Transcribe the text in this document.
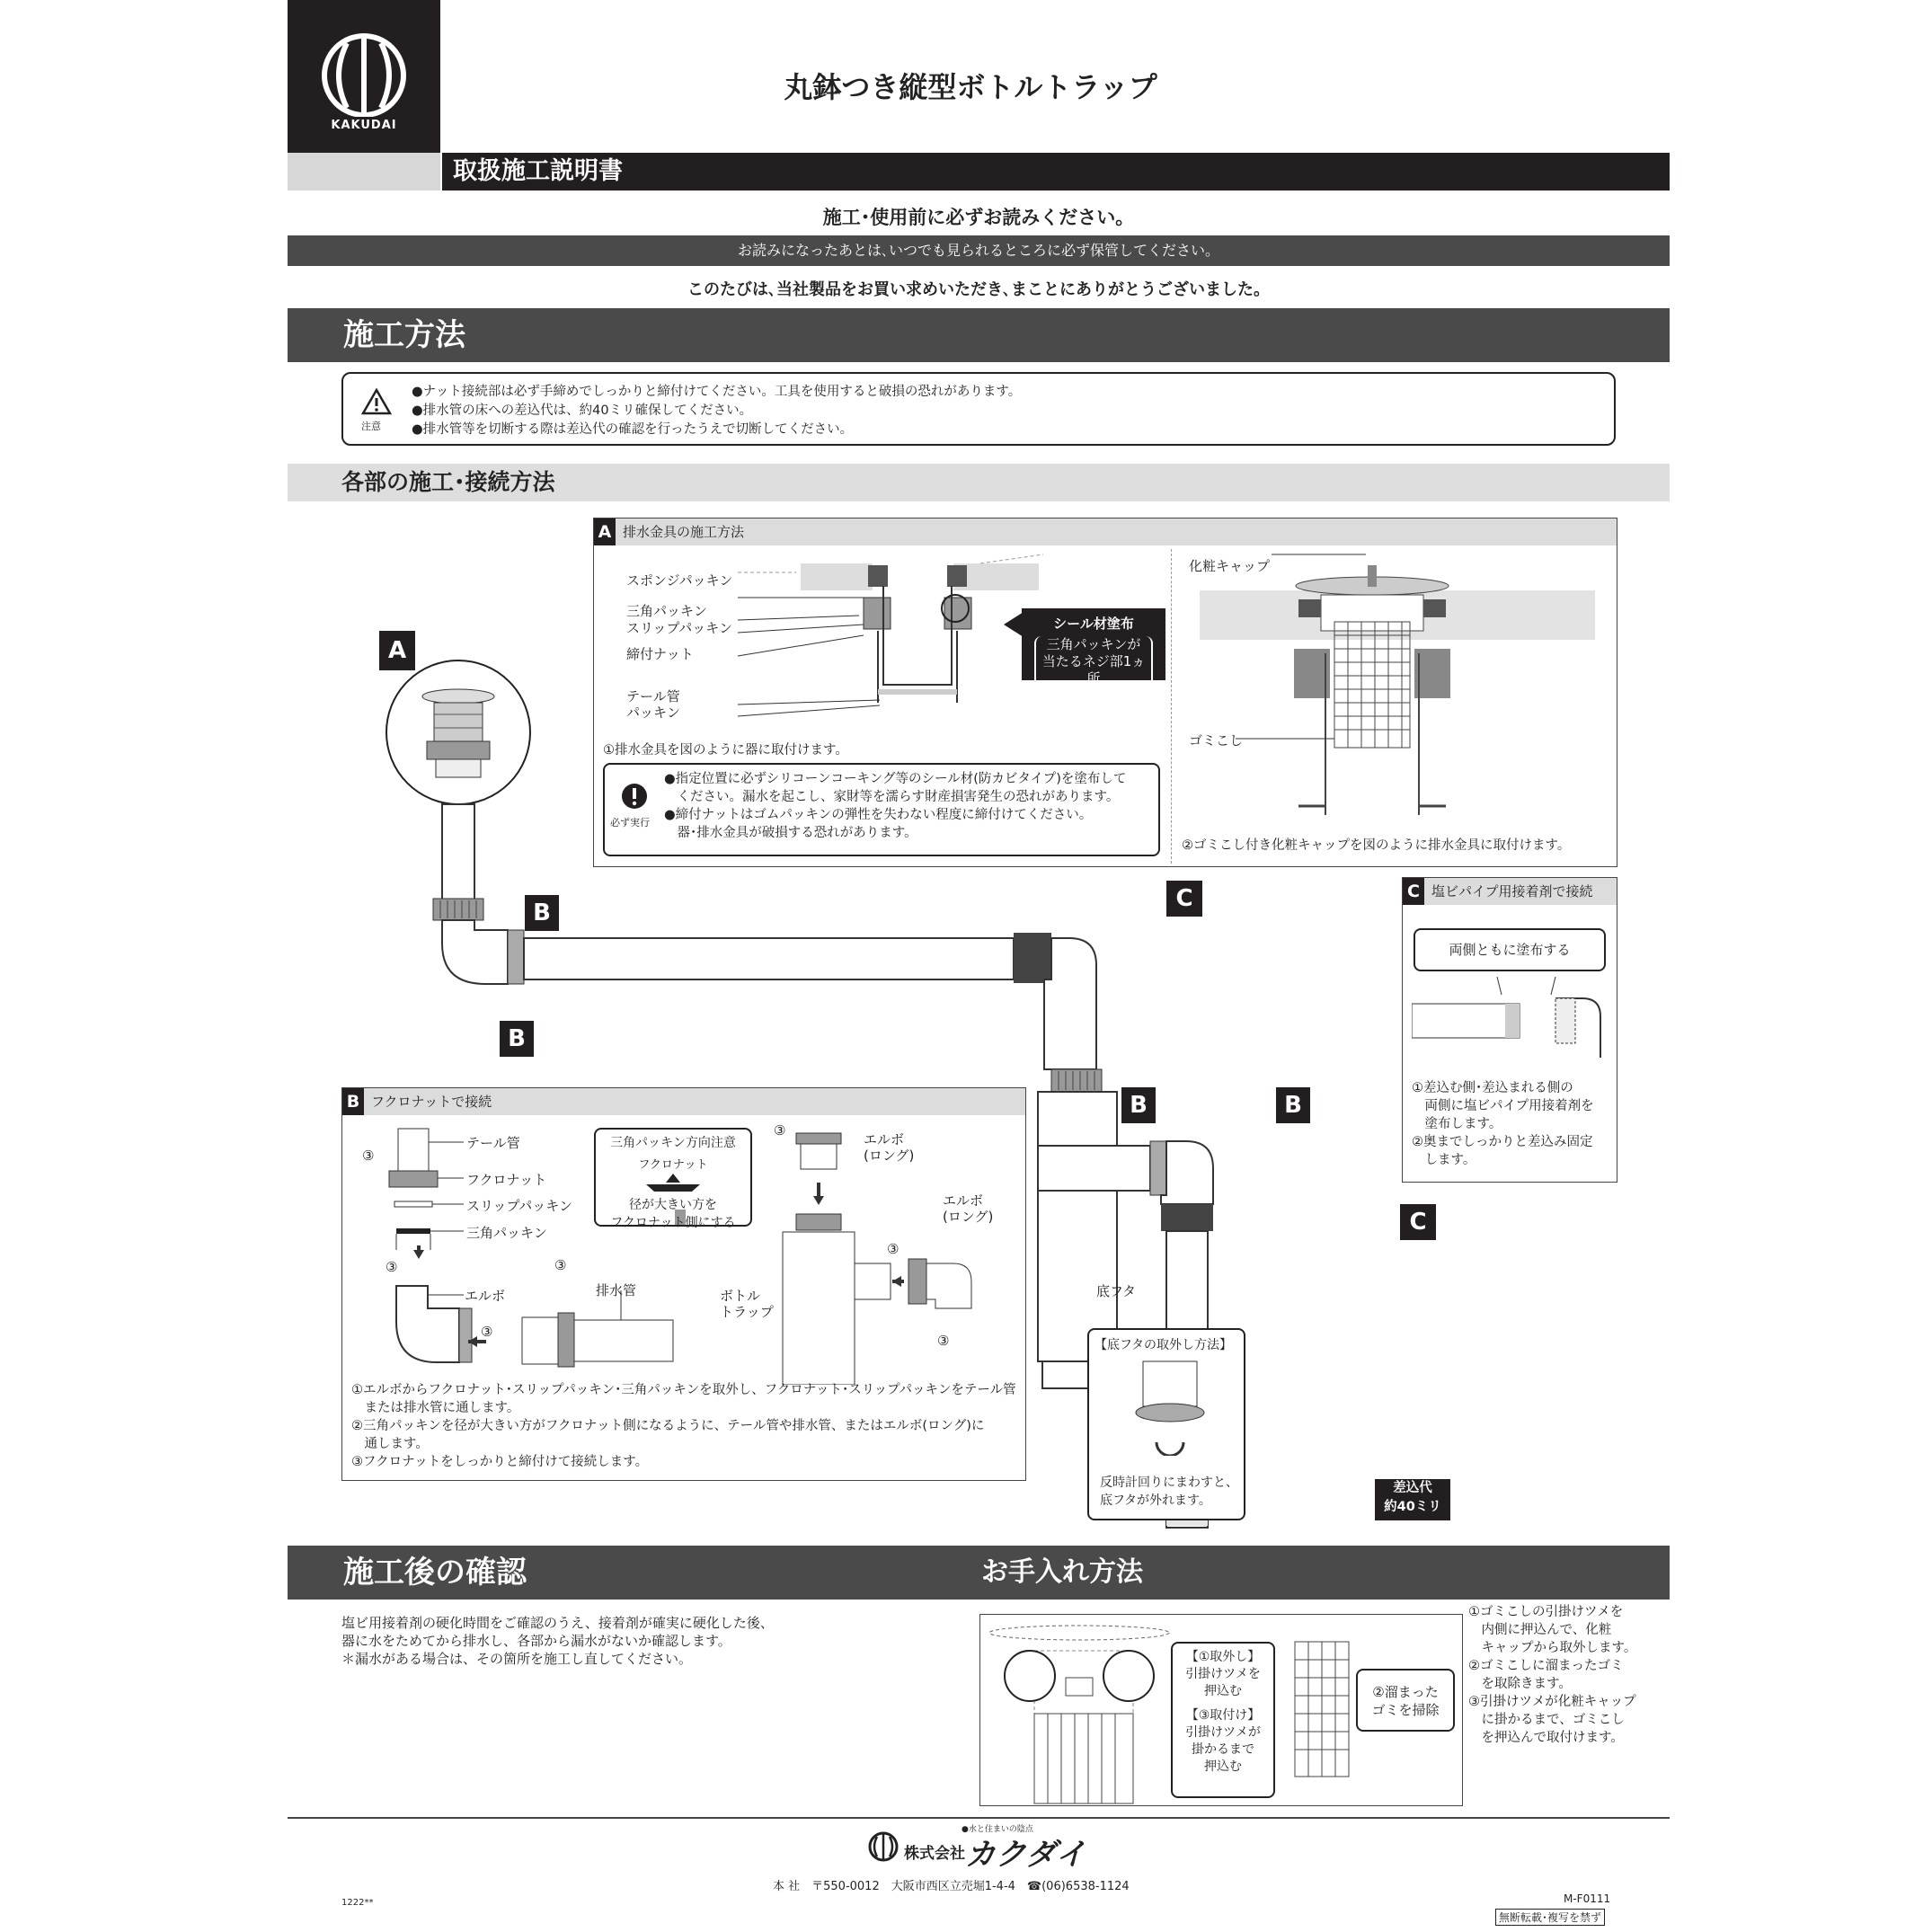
KAKUDAI
丸鉢つき縦型ボトルトラップ
取扱施工説明書
施工･使用前に必ずお読みください。
お読みになったあとは､いつでも見られるところに必ず保管してください。
このたびは､当社製品をお買い求めいただき､まことにありがとうございました。
施工方法
注意
●ナット接続部は必ず手締めでしっかりと締付けてください。工具を使用すると破損の恐れがあります。
●排水管の床への差込代は、約40ミリ確保してください。
●排水管等を切断する際は差込代の確認を行ったうえで切断してください。
各部の施工･接続方法
A 排水金具の施工方法
スポンジパッキン
三角パッキン
スリップパッキン
締付ナット
テール管
パッキン
シール材塗布
三角パッキンが
当たるネジ部1ヵ所
①排水金具を図のように器に取付けます。
必ず実行
●指定位置に必ずシリコーンコーキング等のシール材(防カビタイプ)を塗布して
　ください。漏水を起こし、家財等を濡らす財産損害発生の恐れがあります。
●締付ナットはゴムパッキンの弾性を失わない程度に締付けてください。
　器･排水金具が破損する恐れがあります。
化粧キャップ
ゴミこし
②ゴミこし付き化粧キャップを図のように排水金具に取付けます。
A
B
B
C
B	B
C
底フタ
【底フタの取外し方法】
反時計回りにまわすと、
底フタが外れます。
差込代
約40ミリ
C 塩ビパイプ用接着剤で接続
両側ともに塗布する
①差込む側･差込まれる側の
　両側に塩ビパイプ用接着剤を
　塗布します。
②奥までしっかりと差込み固定
　します。
B フクロナットで接続
テール管
フクロナット
スリップパッキン
三角パッキン
エルボ	排水管	ボトル
トラップ
エルボ
(ロング)
エルボ
(ロング)
③
③	③
③
③
③
③
三角パッキン方向注意
フクロナット
径が大きい方を
フクロナット側にする
①エルボからフクロナット･スリップパッキン･三角パッキンを取外し、フクロナット･スリップパッキンをテール管
　または排水管に通します。
②三角パッキンを径が大きい方がフクロナット側になるように、テール管や排水管、またはエルボ(ロング)に
　通します。
③フクロナットをしっかりと締付けて接続します。
施工後の確認	お手入れ方法
塩ビ用接着剤の硬化時間をご確認のうえ、接着剤が確実に硬化した後、
器に水をためてから排水し、各部から漏水がないか確認します。
＊漏水がある場合は、その箇所を施工し直してください。	【①取外し】
引掛けツメを
押込む
【③取付け】
引掛けツメが
掛かるまで
押込む
②溜まった
ゴミを掃除
①ゴミこしの引掛けツメを
　内側に押込んで、化粧
　キャップから取外します。
②ゴミこしに溜まったゴミ
　を取除きます。
③引掛けツメが化粧キャップ
　に掛かるまで、ゴミこし
　を押込んで取付けます。
●水と住まいの陰点
株式会社 カクダイ
本 社　〒550-0012　大阪市西区立売堀1-4-4　☎(06)6538-1124
M-F0111
無断転載･複写を禁ず
1222**
